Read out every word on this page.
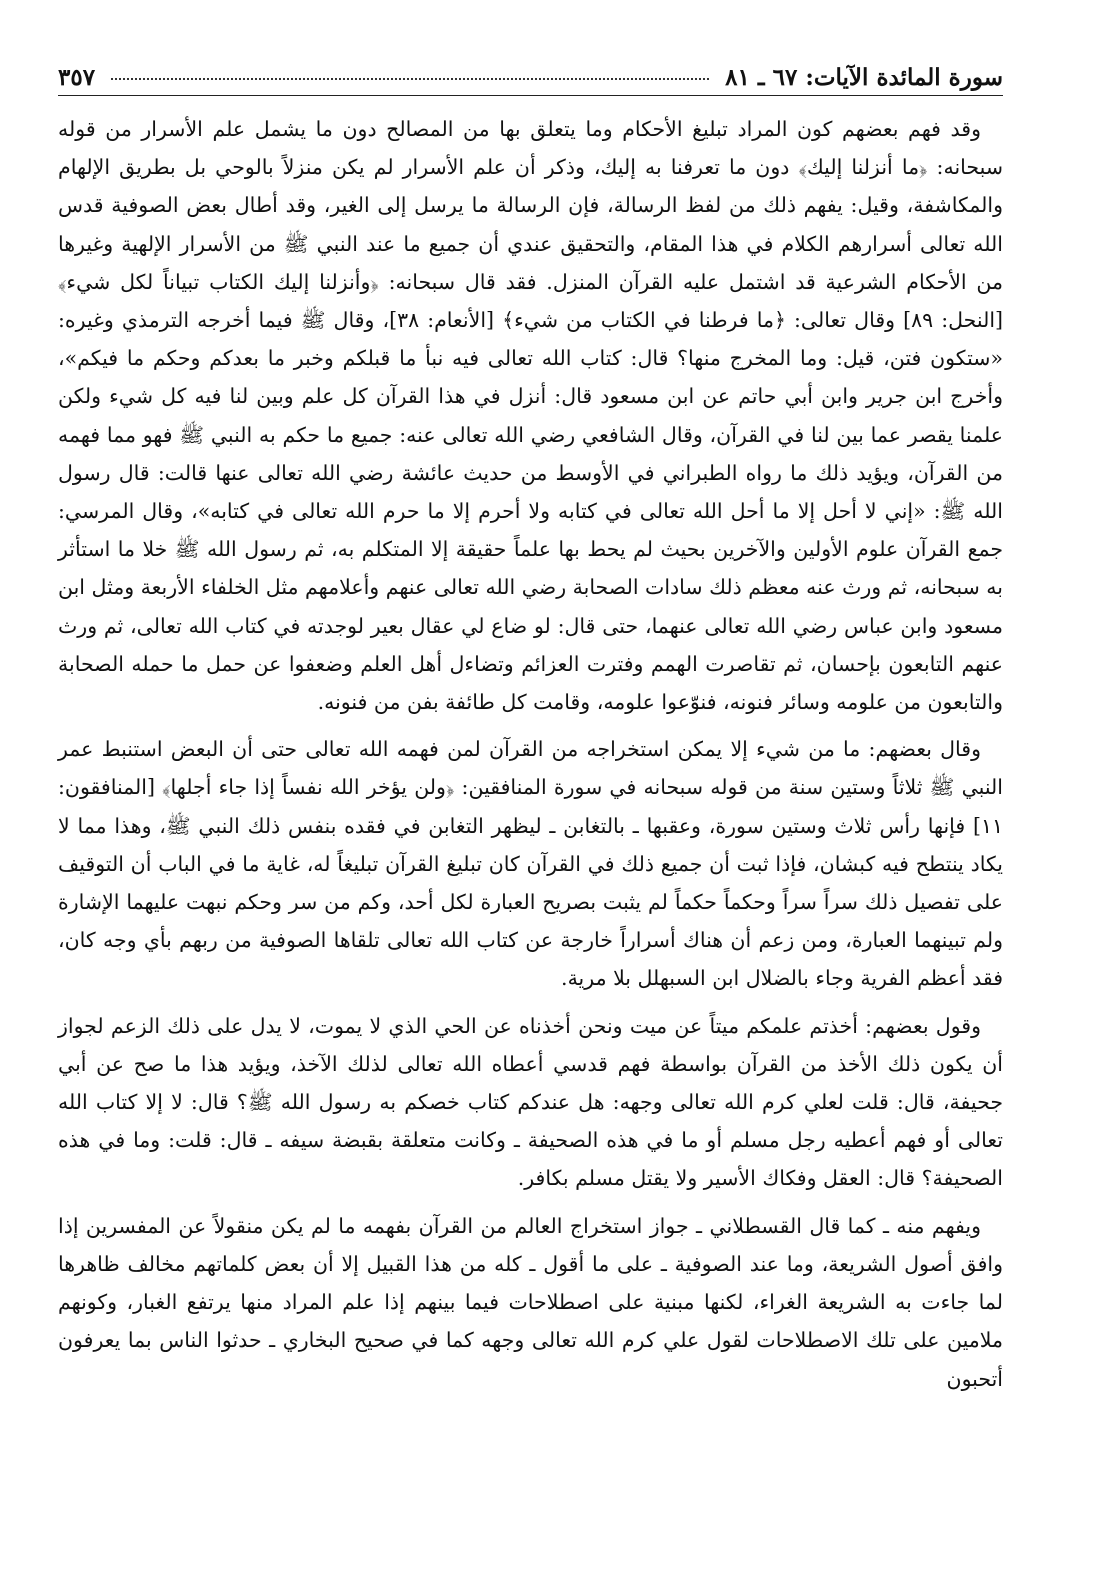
سورة المائدة الآيات: ٦٧ ـ ٨١
٣٥٧

وقد فهم بعضهم كون المراد تبليغ الأحكام وما يتعلق بها من المصالح دون ما يشمل علم الأسرار من قوله سبحانه: ﴿ما أنزلنا إليك﴾ دون ما تعرفنا به إليك، وذكر أن علم الأسرار لم يكن منزلاً بالوحي بل بطريق الإلهام والمكاشفة، وقيل: يفهم ذلك من لفظ الرسالة، فإن الرسالة ما يرسل إلى الغير، وقد أطال بعض الصوفية قدس الله تعالى أسرارهم الكلام في هذا المقام، والتحقيق عندي أن جميع ما عند النبي ﷺ من الأسرار الإلهية وغيرها من الأحكام الشرعية قد اشتمل عليه القرآن المنزل. فقد قال سبحانه: ﴿وأنزلنا إليك الكتاب تبياناً لكل شيء﴾ [النحل: ٨٩] وقال تعالى: ﴿ما فرطنا في الكتاب من شيء﴾ [الأنعام: ٣٨]، وقال ﷺ فيما أخرجه الترمذي وغيره: «ستكون فتن، قيل: وما المخرج منها؟ قال: كتاب الله تعالى فيه نبأ ما قبلكم وخبر ما بعدكم وحكم ما فيكم»، وأخرج ابن جرير وابن أبي حاتم عن ابن مسعود قال: أنزل في هذا القرآن كل علم وبين لنا فيه كل شيء ولكن علمنا يقصر عما بين لنا في القرآن، وقال الشافعي رضي الله تعالى عنه: جميع ما حكم به النبي ﷺ فهو مما فهمه من القرآن، ويؤيد ذلك ما رواه الطبراني في الأوسط من حديث عائشة رضي الله تعالى عنها قالت: قال رسول الله ﷺ: «إني لا أحل إلا ما أحل الله تعالى في كتابه ولا أحرم إلا ما حرم الله تعالى في كتابه»، وقال المرسي: جمع القرآن علوم الأولين والآخرين بحيث لم يحط بها علماً حقيقة إلا المتكلم به، ثم رسول الله ﷺ خلا ما استأثر به سبحانه، ثم ورث عنه معظم ذلك سادات الصحابة رضي الله تعالى عنهم وأعلامهم مثل الخلفاء الأربعة ومثل ابن مسعود وابن عباس رضي الله تعالى عنهما، حتى قال: لو ضاع لي عقال بعير لوجدته في كتاب الله تعالى، ثم ورث عنهم التابعون بإحسان، ثم تقاصرت الهمم وفترت العزائم وتضاءل أهل العلم وضعفوا عن حمل ما حمله الصحابة والتابعون من علومه وسائر فنونه، فنوّعوا علومه، وقامت كل طائفة بفن من فنونه.

وقال بعضهم: ما من شيء إلا يمكن استخراجه من القرآن لمن فهمه الله تعالى حتى أن البعض استنبط عمر النبي ﷺ ثلاثاً وستين سنة من قوله سبحانه في سورة المنافقين: ﴿ولن يؤخر الله نفساً إذا جاء أجلها﴾ [المنافقون: ١١] فإنها رأس ثلاث وستين سورة، وعقبها ـ بالتغابن ـ ليظهر التغابن في فقده بنفس ذلك النبي ﷺ، وهذا مما لا يكاد ينتطح فيه كبشان، فإذا ثبت أن جميع ذلك في القرآن كان تبليغ القرآن تبليغاً له، غاية ما في الباب أن التوقيف على تفصيل ذلك سراً سراً وحكماً حكماً لم يثبت بصريح العبارة لكل أحد، وكم من سر وحكم نبهت عليهما الإشارة ولم تبينهما العبارة، ومن زعم أن هناك أسراراً خارجة عن كتاب الله تعالى تلقاها الصوفية من ربهم بأي وجه كان، فقد أعظم الفرية وجاء بالضلال ابن السبهلل بلا مرية.

وقول بعضهم: أخذتم علمكم ميتاً عن ميت ونحن أخذناه عن الحي الذي لا يموت، لا يدل على ذلك الزعم لجواز أن يكون ذلك الأخذ من القرآن بواسطة فهم قدسي أعطاه الله تعالى لذلك الآخذ، ويؤيد هذا ما صح عن أبي جحيفة، قال: قلت لعلي كرم الله تعالى وجهه: هل عندكم كتاب خصكم به رسول الله ﷺ؟ قال: لا إلا كتاب الله تعالى أو فهم أعطيه رجل مسلم أو ما في هذه الصحيفة ـ وكانت متعلقة بقبضة سيفه ـ قال: قلت: وما في هذه الصحيفة؟ قال: العقل وفكاك الأسير ولا يقتل مسلم بكافر.

ويفهم منه ـ كما قال القسطلاني ـ جواز استخراج العالم من القرآن بفهمه ما لم يكن منقولاً عن المفسرين إذا وافق أصول الشريعة، وما عند الصوفية ـ على ما أقول ـ كله من هذا القبيل إلا أن بعض كلماتهم مخالف ظاهرها لما جاءت به الشريعة الغراء، لكنها مبنية على اصطلاحات فيما بينهم إذا علم المراد منها يرتفع الغبار، وكونهم ملامين على تلك الاصطلاحات لقول علي كرم الله تعالى وجهه كما في صحيح البخاري ـ حدثوا الناس بما يعرفون أتحبون
